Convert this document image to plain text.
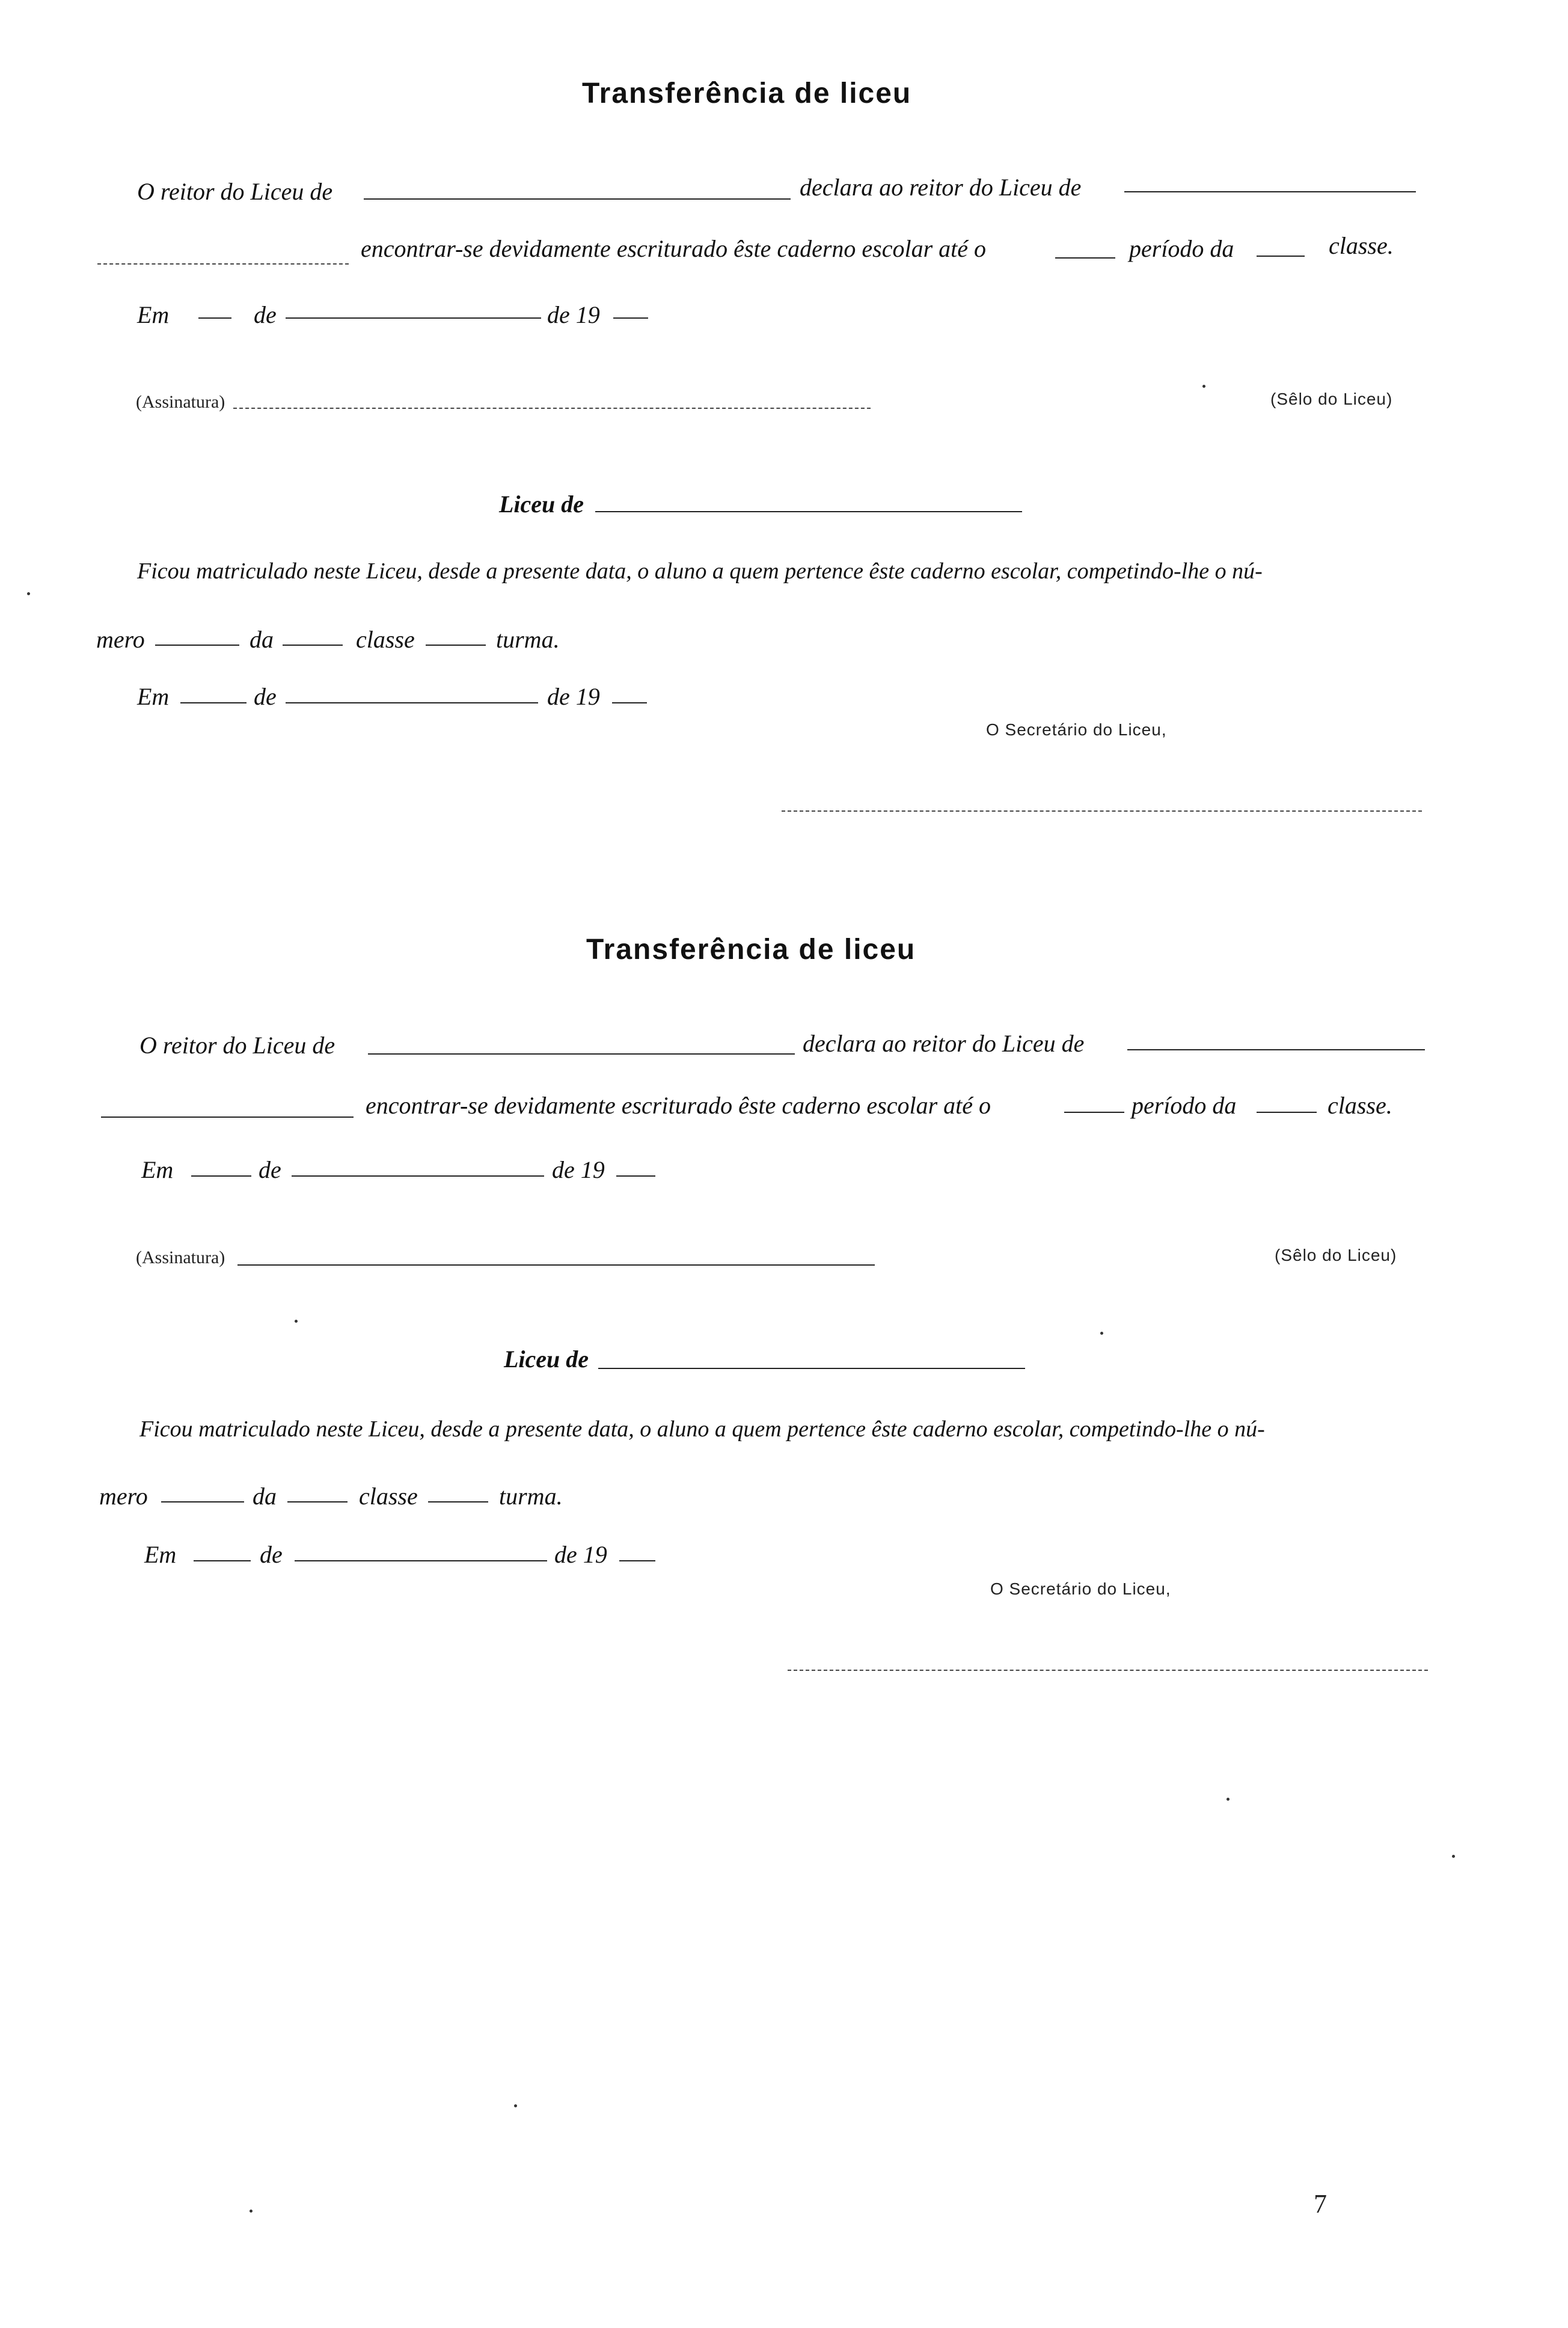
Transferência de liceu
O reitor do Liceu de	declara ao reitor do Liceu de
encontrar-se devidamente escriturado êste caderno escolar até o	período da	classe.
Em	de	de 19
(Assinatura)	(Sêlo do Liceu)
Liceu de
Ficou matriculado neste Liceu, desde a presente data, o aluno a quem pertence êste caderno escolar, competindo-lhe o nú-
mero	da	classe	turma.
Em	de	de 19
O Secretário do Liceu,
Transferência de liceu
O reitor do Liceu de	declara ao reitor do Liceu de
encontrar-se devidamente escriturado êste caderno escolar até o	período da	classe.
Em	de	de 19
(Assinatura)	(Sêlo do Liceu)
Liceu de
Ficou matriculado neste Liceu, desde a presente data, o aluno a quem pertence êste caderno escolar, competindo-lhe o nú-
mero	da	classe	turma.
Em	de	de 19
O Secretário do Liceu,
7
